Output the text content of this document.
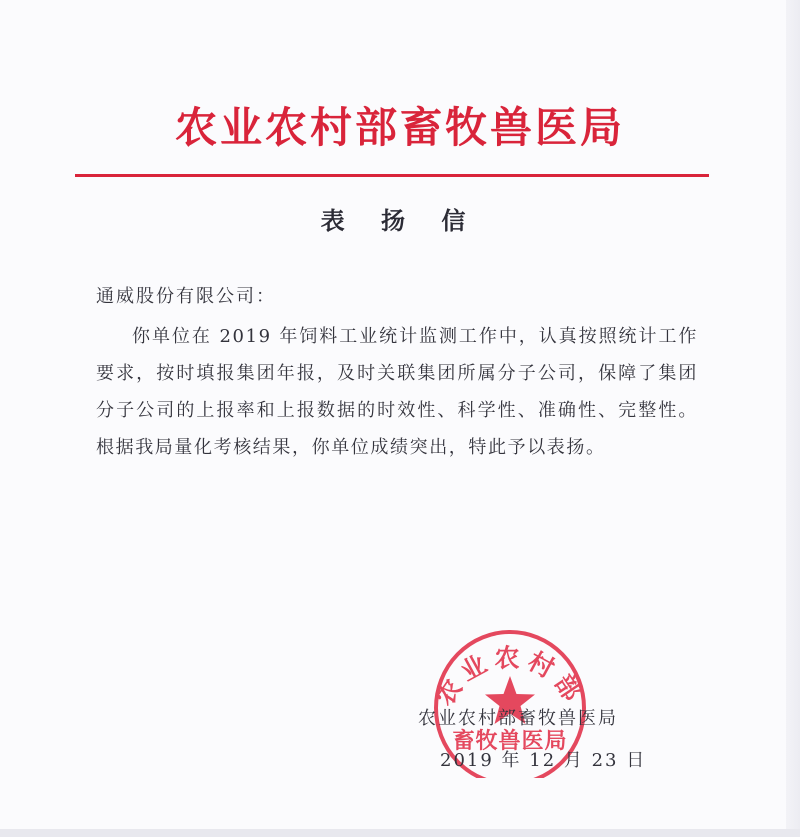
农业农村部畜牧兽医局
表 扬 信
通威股份有限公司：

你单位在 2019 年饲料工业统计监测工作中，认真按照统计工作要求，按时填报集团年报，及时关联集团所属分子公司，保障了集团分子公司的上报率和上报数据的时效性、科学性、准确性、完整性。根据我局量化考核结果，你单位成绩突出，特此予以表扬。

农业农村部
畜牧兽医局
农业农村部畜牧兽医局
2019 年 12 月 23 日
